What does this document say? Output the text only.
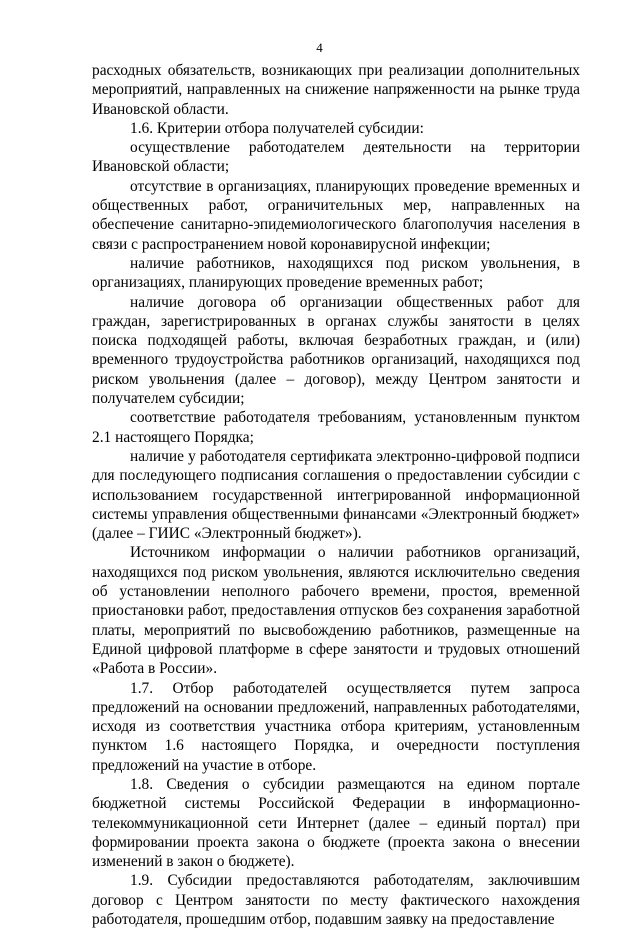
4

расходных обязательств, возникающих при реализации дополнительных мероприятий, направленных на снижение напряженности на рынке труда Ивановской области.

1.6. Критерии отбора получателей субсидии:

осуществление работодателем деятельности на территории Ивановской области;

отсутствие в организациях, планирующих проведение временных и общественных работ, ограничительных мер, направленных на обеспечение санитарно-эпидемиологического благополучия населения в связи с распространением новой коронавирусной инфекции;

наличие работников, находящихся под риском увольнения, в организациях, планирующих проведение временных работ;

наличие договора об организации общественных работ для граждан, зарегистрированных в органах службы занятости в целях поиска подходящей работы, включая безработных граждан, и (или) временного трудоустройства работников организаций, находящихся под риском увольнения (далее – договор), между Центром занятости и получателем субсидии;

соответствие работодателя требованиям, установленным пунктом 2.1 настоящего Порядка;

наличие у работодателя сертификата электронно-цифровой подписи для последующего подписания соглашения о предоставлении субсидии с использованием государственной интегрированной информационной системы управления общественными финансами «Электронный бюджет» (далее – ГИИС «Электронный бюджет»).

Источником информации о наличии работников организаций, находящихся под риском увольнения, являются исключительно сведения об установлении неполного рабочего времени, простоя, временной приостановки работ, предоставления отпусков без сохранения заработной платы, мероприятий по высвобождению работников, размещенные на Единой цифровой платформе в сфере занятости и трудовых отношений «Работа в России».

1.7. Отбор работодателей осуществляется путем запроса предложений на основании предложений, направленных работодателями, исходя из соответствия участника отбора критериям, установленным пунктом 1.6 настоящего Порядка, и очередности поступления предложений на участие в отборе.

1.8. Сведения о субсидии размещаются на едином портале бюджетной системы Российской Федерации в информационно-телекоммуникационной сети Интернет (далее – единый портал) при формировании проекта закона о бюджете (проекта закона о внесении изменений в закон о бюджете).

1.9. Субсидии предоставляются работодателям, заключившим договор с Центром занятости по месту фактического нахождения работодателя, прошедшим отбор, подавшим заявку на предоставление
